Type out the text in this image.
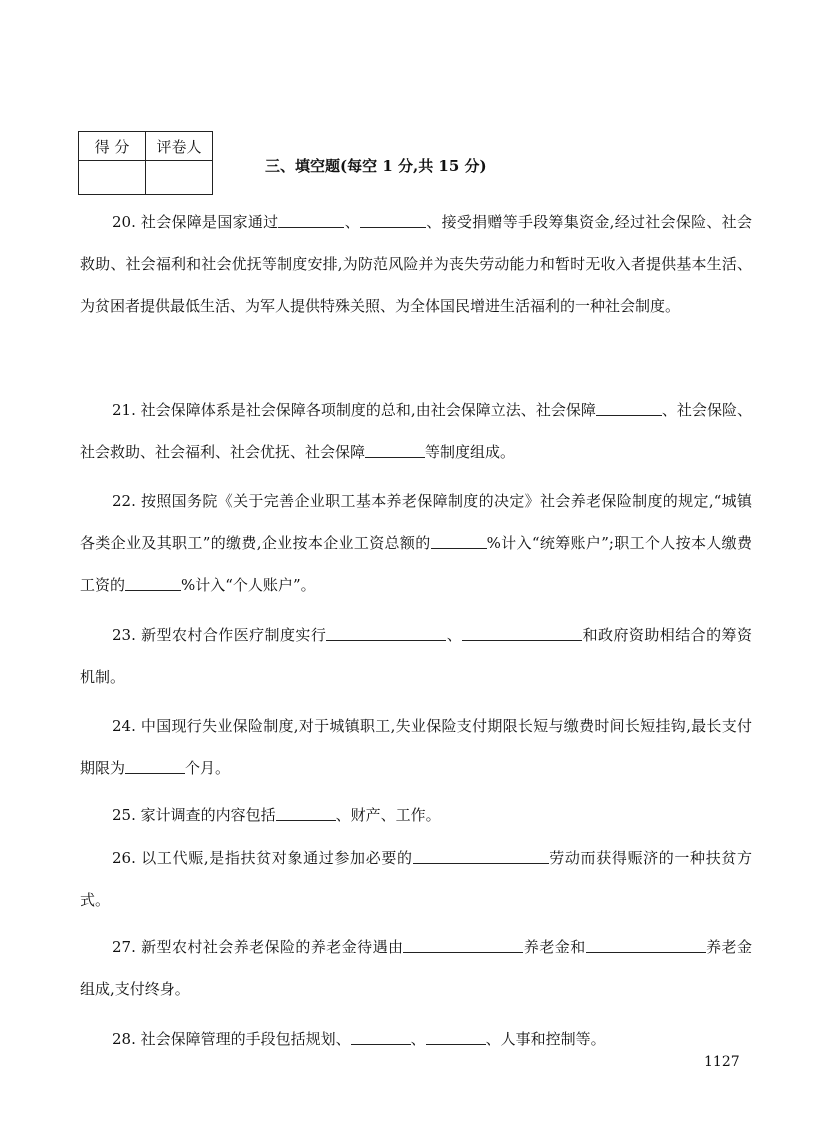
得 分	评卷人

三、填空题(每空 1 分,共 15 分)

20. 社会保障是国家通过	、	、接受捐赠等手段筹集资金,经过社会保险、社会救助、社会福利和社会优抚等制度安排,为防范风险并为丧失劳动能力和暂时无收入者提供基本生活、为贫困者提供最低生活、为军人提供特殊关照、为全体国民增进生活福利的一种社会制度。

21. 社会保障体系是社会保障各项制度的总和,由社会保障立法、社会保障	、社会保险、社会救助、社会福利、社会优抚、社会保障	等制度组成。

22. 按照国务院《关于完善企业职工基本养老保障制度的决定》社会养老保险制度的规定,“城镇各类企业及其职工”的缴费,企业按本企业工资总额的	%计入“统筹账户”;职工个人按本人缴费工资的	%计入“个人账户”。

23. 新型农村合作医疗制度实行	、	和政府资助相结合的筹资机制。

24. 中国现行失业保险制度,对于城镇职工,失业保险支付期限长短与缴费时间长短挂钩,最长支付期限为	个月。

25. 家计调查的内容包括	、财产、工作。

26. 以工代赈,是指扶贫对象通过参加必要的	劳动而获得赈济的一种扶贫方式。

27. 新型农村社会养老保险的养老金待遇由	养老金和	养老金组成,支付终身。

28. 社会保障管理的手段包括规划、	、	、人事和控制等。

1127
